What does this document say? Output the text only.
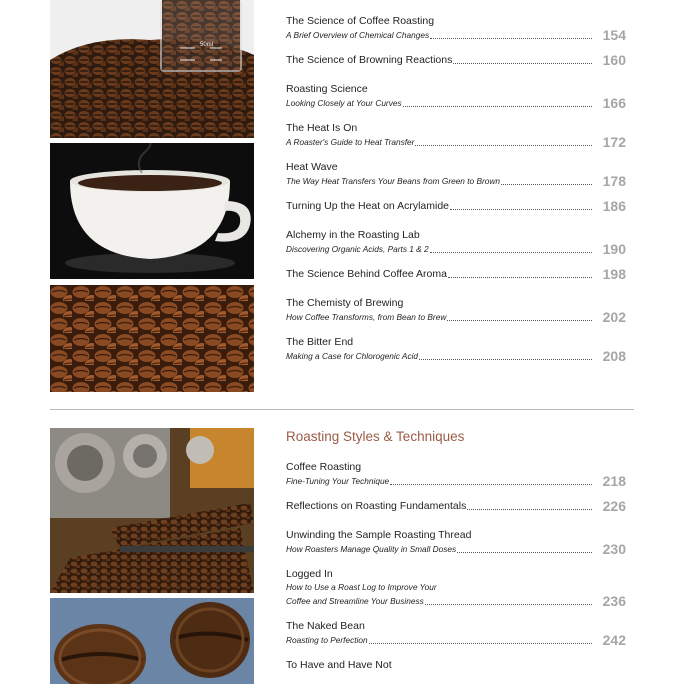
50ml
The Science of Coffee Roasting
A Brief Overview of Chemical Changes	154
The Science of Browning Reactions	160
Roasting Science
Looking Closely at Your Curves	166
The Heat Is On
A Roaster's Guide to Heat Transfer	172
Heat Wave
The Way Heat Transfers Your Beans from Green to Brown	178
Turning Up the Heat on Acrylamide	186
Alchemy in the Roasting Lab
Discovering Organic Acids, Parts 1 & 2	190
The Science Behind Coffee Aroma	198
The Chemisty of Brewing
How Coffee Transforms, from Bean to Brew	202
The Bitter End
Making a Case for Chlorogenic Acid	208
Roasting Styles & Techniques
Coffee Roasting
Fine-Tuning Your Technique	218
Reflections on Roasting Fundamentals	226
Unwinding the Sample Roasting Thread
How Roasters Manage Quality in Small Doses	230
Logged In
How to Use a Roast Log to Improve Your
Coffee and Streamline Your Business	236
The Naked Bean
Roasting to Perfection	242
To Have and Have Not
